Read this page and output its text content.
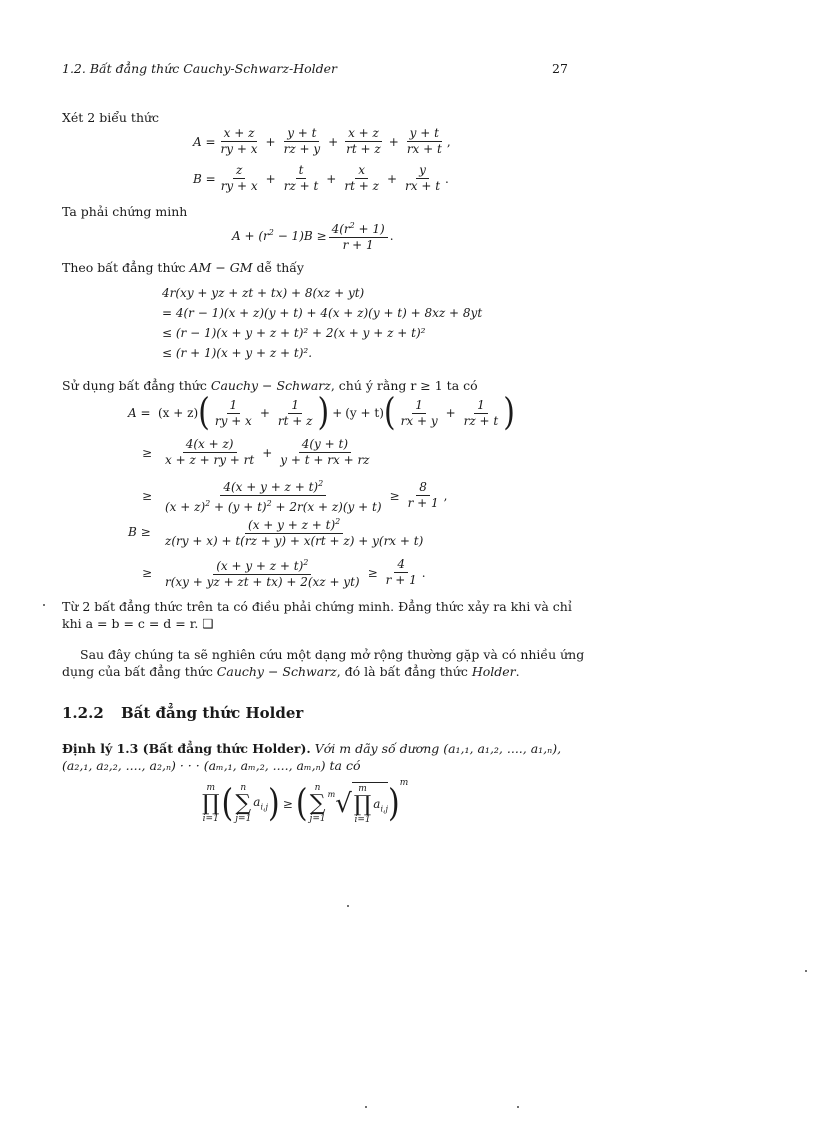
1.2. Bất đẳng thức Cauchy-Schwarz-Holder	27
Xét 2 biểu thức
$A = \frac{x + z}{ry + x} + \frac{y + t}{rz + y} + \frac{x + z}{rt + z} + \frac{y + t}{rx + t}$ ,
$B = \frac{z}{ry + x} + \frac{t}{rz + t} + \frac{x}{rt + z} + \frac{y}{rx + t}$ .
Ta phải chứng minh
$A + (r^2 - 1)B \ge \frac{4(r^2 + 1)}{r + 1}$ .
Theo bất đẳng thức AM − GM dễ thấy
4r(xy + yz + zt + tx) + 8(xz + yt)
= 4(r − 1)(x + z)(y + t) + 4(x + z)(y + t) + 8xz + 8yt
≤ (r − 1)(x + y + z + t)² + 2(x + y + z + t)²
≤ (r + 1)(x + y + z + t)².
Sử dụng bất đẳng thức Cauchy − Schwarz, chú ý rằng r ≥ 1 ta có
A = (x + z) ( $\frac{1}{ry + x} + \frac{1}{rt + z}$ ) + (y + t) ( $\frac{1}{rx + y} + \frac{1}{rz + t}$ )
≥ $\frac{4(x + z)}{x + z + ry + rt} + \frac{4(y + t)}{y + t + rx + rz}$
≥ $\frac{4(x + y + z + t)^2}{(x + z)^2 + (y + t)^2 + 2r(x + z)(y + t)} \ge \frac{8}{r + 1}$ ,
$B \ge \frac{(x + y + z + t)^2}{z(ry + x) + t(rz + y) + x(rt + z) + y(rx + t)}$
≥ $\frac{(x + y + z + t)^2}{r(xy + yz + zt + tx) + 2(xz + yt)} \ge \frac{4}{r + 1}$ .
Từ 2 bất đẳng thức trên ta có điều phải chứng minh. Đẳng thức xảy ra khi và chỉ
khi a = b = c = d = r. ❑
Sau đây chúng ta sẽ nghiên cứu một dạng mở rộng thường gặp và có nhiều ứng
dụng của bất đẳng thức Cauchy − Schwarz, đó là bất đẳng thức Holder.
1.2.2 Bất đẳng thức Holder
Định lý 1.3 (Bất đẳng thức Holder). Với m dãy số dương (a₁,₁, a₁,₂, ...., a₁,ₙ),
(a₂,₁, a₂,₂, ...., a₂,ₙ) · · · (aₘ,₁, aₘ,₂, ...., aₘ,ₙ) ta có
m
∏
i=1 ( n
∑
j=1
$a_{i,j}$ ) ≥ ( n
∑
j=1
m √ m
∏
i=1
$a_{i,j}$ ) m
